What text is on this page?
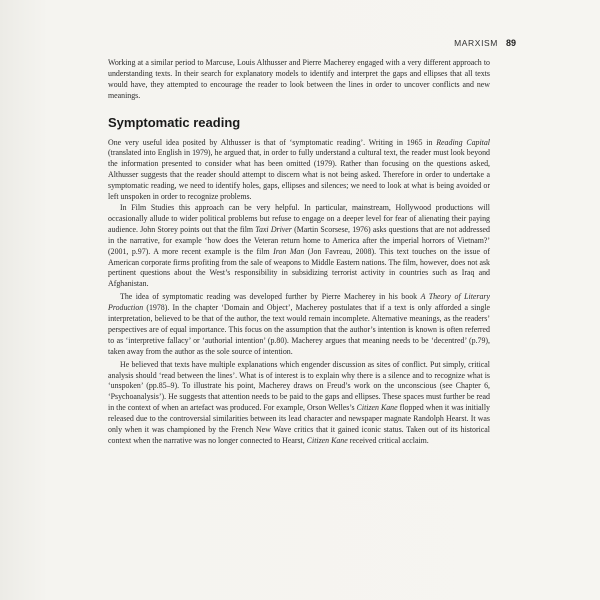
MARXISM 89

Working at a similar period to Marcuse, Louis Althusser and Pierre Macherey engaged with a very different approach to understanding texts. In their search for explanatory models to identify and interpret the gaps and ellipses that all texts would have, they attempted to encourage the reader to look between the lines in order to uncover conflicts and new meanings.

Symptomatic reading

One very useful idea posited by Althusser is that of ‘symptomatic reading’. Writing in 1965 in Reading Capital (translated into English in 1979), he argued that, in order to fully understand a cultural text, the reader must look beyond the information presented to consider what has been omitted (1979). Rather than focusing on the questions asked, Althusser suggests that the reader should attempt to discern what is not being asked. Therefore in order to undertake a symptomatic reading, we need to identify holes, gaps, ellipses and silences; we need to look at what is being avoided or left unspoken in order to recognize problems.

In Film Studies this approach can be very helpful. In particular, mainstream, Hollywood productions will occasionally allude to wider political problems but refuse to engage on a deeper level for fear of alienating their paying audience. John Storey points out that the film Taxi Driver (Martin Scorsese, 1976) asks questions that are not addressed in the narrative, for example ‘how does the Veteran return home to America after the imperial horrors of Vietnam?’ (2001, p.97). A more recent example is the film Iron Man (Jon Favreau, 2008). This text touches on the issue of American corporate firms profiting from the sale of weapons to Middle Eastern nations. The film, however, does not ask pertinent questions about the West’s responsibility in subsidizing terrorist activity in countries such as Iraq and Afghanistan.

The idea of symptomatic reading was developed further by Pierre Macherey in his book A Theory of Literary Production (1978). In the chapter ‘Domain and Object’, Macherey postulates that if a text is only afforded a single interpretation, believed to be that of the author, the text would remain incomplete. Alternative meanings, as the readers’ perspectives are of equal importance. This focus on the assumption that the author’s intention is known is often referred to as ‘interpretive fallacy’ or ‘authorial intention’ (p.80). Macherey argues that meaning needs to be ‘decentred’ (p.79), taken away from the author as the sole source of intention.

He believed that texts have multiple explanations which engender discussion as sites of conflict. Put simply, critical analysis should ‘read between the lines’. What is of interest is to explain why there is a silence and to recognize what is ‘unspoken’ (pp.85–9). To illustrate his point, Macherey draws on Freud’s work on the unconscious (see Chapter 6, ‘Psychoanalysis’). He suggests that attention needs to be paid to the gaps and ellipses. These spaces must further be read in the context of when an artefact was produced. For example, Orson Welles’s Citizen Kane flopped when it was initially released due to the controversial similarities between its lead character and newspaper magnate Randolph Hearst. It was only when it was championed by the French New Wave critics that it gained iconic status. Taken out of its historical context when the narrative was no longer connected to Hearst, Citizen Kane received critical acclaim.
